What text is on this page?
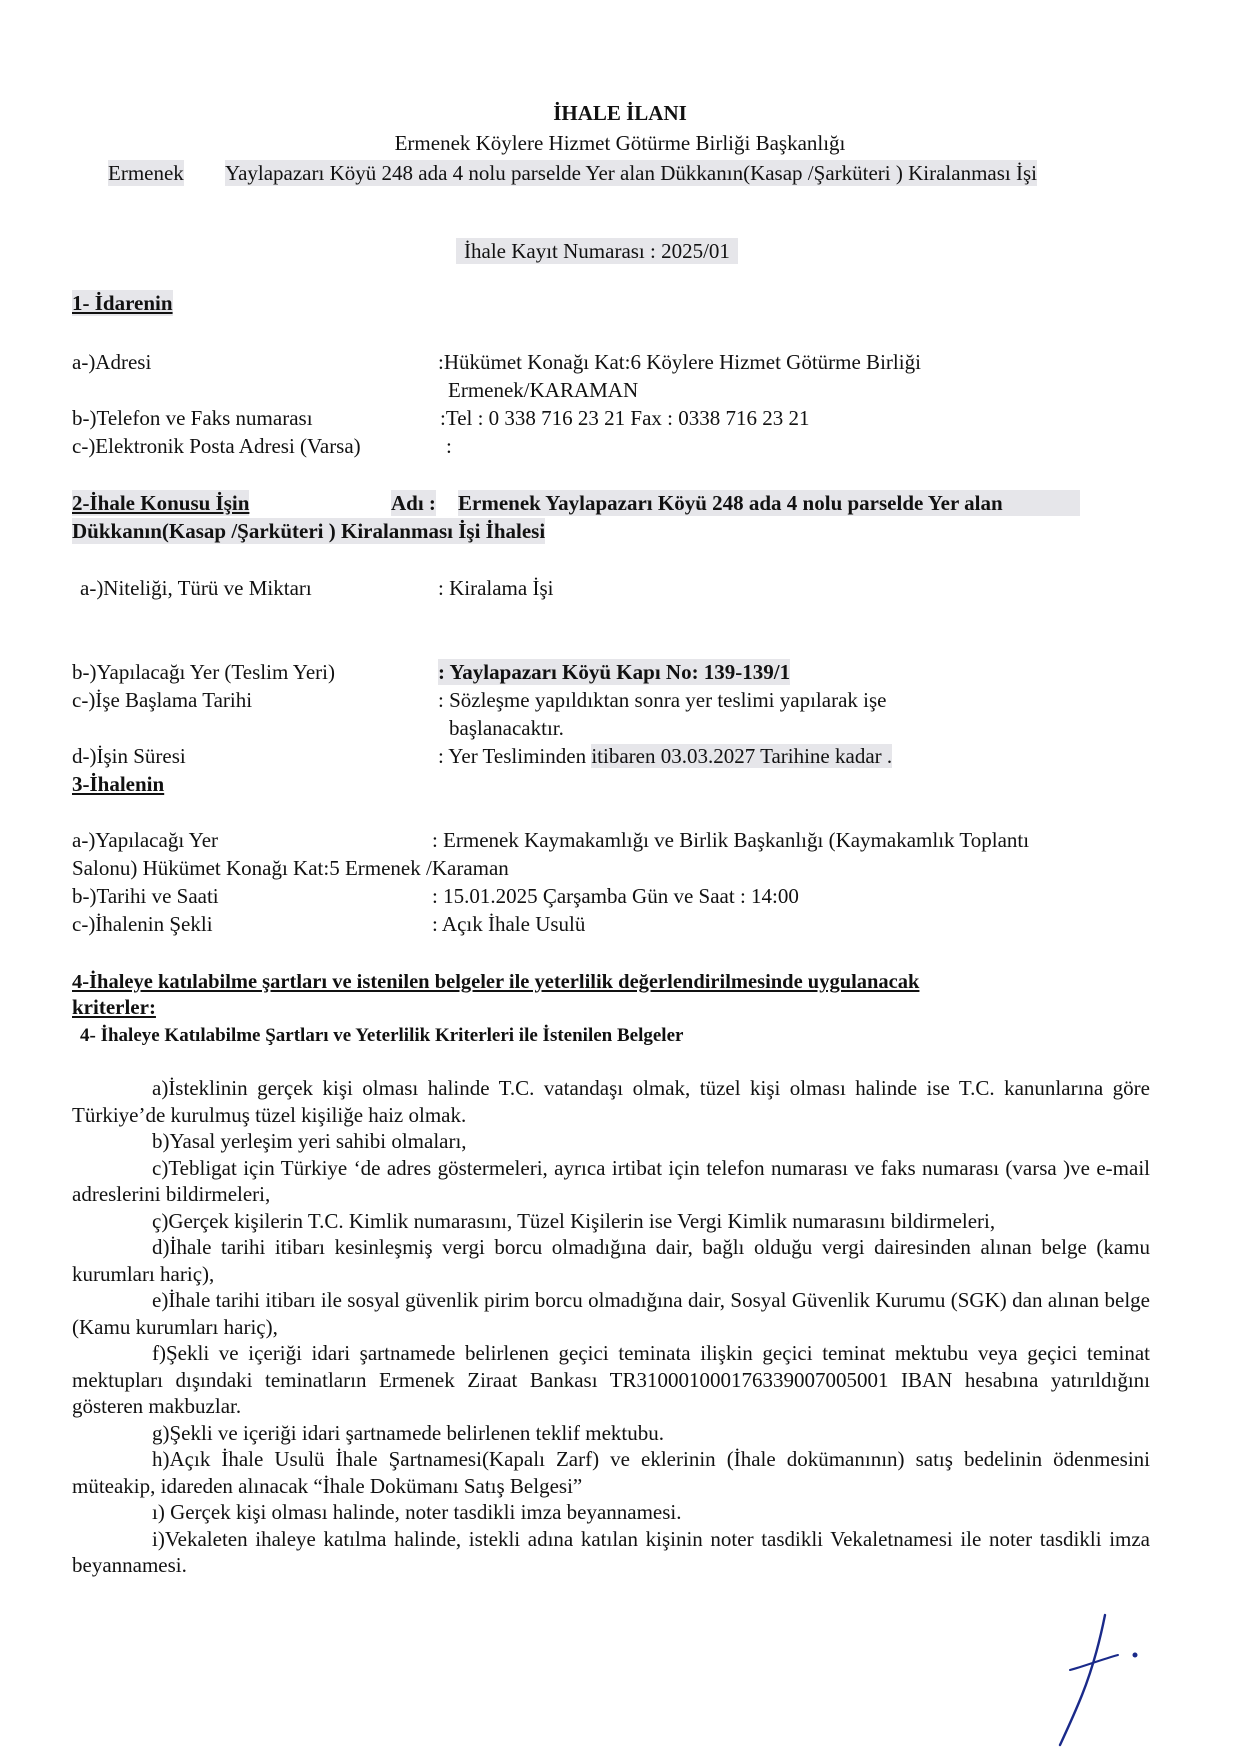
İHALE İLANI
Ermenek Köylere Hizmet Götürme Birliği Başkanlığı
Ermenek Yaylapazarı Köyü 248 ada 4 nolu parselde Yer alan Dükkanın(Kasap /Şarküteri ) Kiralanması İşi
İhale Kayıt Numarası : 2025/01
1- İdarenin
a-)Adresi	:Hükümet Konağı Kat:6 Köylere Hizmet Götürme Birliği
Ermenek/KARAMAN
b-)Telefon ve Faks numarası	:Tel : 0 338 716 23 21 Fax : 0338 716 23 21
c-)Elektronik Posta Adresi (Varsa)	:
2-İhale Konusu İşin	Adı : Ermenek Yaylapazarı Köyü 248 ada 4 nolu parselde Yer alan
Dükkanın(Kasap /Şarküteri ) Kiralanması İşi İhalesi
a-)Niteliği, Türü ve Miktarı	: Kiralama İşi
b-)Yapılacağı Yer (Teslim Yeri)	: Yaylapazarı Köyü Kapı No: 139-139/1
c-)İşe Başlama Tarihi	: Sözleşme yapıldıktan sonra yer teslimi yapılarak işe
başlanacaktır.
d-)İşin Süresi	: Yer Tesliminden itibaren 03.03.2027 Tarihine kadar .
3-İhalenin
a-)Yapılacağı Yer	: Ermenek Kaymakamlığı ve Birlik Başkanlığı (Kaymakamlık Toplantı
Salonu) Hükümet Konağı Kat:5 Ermenek /Karaman
b-)Tarihi ve Saati	: 15.01.2025 Çarşamba Gün ve Saat : 14:00
c-)İhalenin Şekli	: Açık İhale Usulü
4-İhaleye katılabilme şartları ve istenilen belgeler ile yeterlilik değerlendirilmesinde uygulanacak
kriterler:
4- İhaleye Katılabilme Şartları ve Yeterlilik Kriterleri ile İstenilen Belgeler
a)İsteklinin gerçek kişi olması halinde T.C. vatandaşı olmak, tüzel kişi olması halinde ise T.C. kanunlarına göre Türkiye’de kurulmuş tüzel kişiliğe haiz olmak.
b)Yasal yerleşim yeri sahibi olmaları,
c)Tebligat için Türkiye ‘de adres göstermeleri, ayrıca irtibat için telefon numarası ve faks numarası (varsa )ve e-mail adreslerini bildirmeleri,
ç)Gerçek kişilerin T.C. Kimlik numarasını, Tüzel Kişilerin ise Vergi Kimlik numarasını bildirmeleri,
d)İhale tarihi itibarı kesinleşmiş vergi borcu olmadığına dair, bağlı olduğu vergi dairesinden alınan belge (kamu kurumları hariç),
e)İhale tarihi itibarı ile sosyal güvenlik pirim borcu olmadığına dair, Sosyal Güvenlik Kurumu (SGK) dan alınan belge (Kamu kurumları hariç),
f)Şekli ve içeriği idari şartnamede belirlenen geçici teminata ilişkin geçici teminat mektubu veya geçici teminat mektupları dışındaki teminatların Ermenek Ziraat Bankası TR310001000176339007005001 IBAN hesabına yatırıldığını gösteren makbuzlar.
g)Şekli ve içeriği idari şartnamede belirlenen teklif mektubu.
h)Açık İhale Usulü İhale Şartnamesi(Kapalı Zarf) ve eklerinin (İhale dokümanının) satış bedelinin ödenmesini müteakip, idareden alınacak “İhale Dokümanı Satış Belgesi”
ı) Gerçek kişi olması halinde, noter tasdikli imza beyannamesi.
i)Vekaleten ihaleye katılma halinde, istekli adına katılan kişinin noter tasdikli Vekaletnamesi ile noter tasdikli imza beyannamesi.
